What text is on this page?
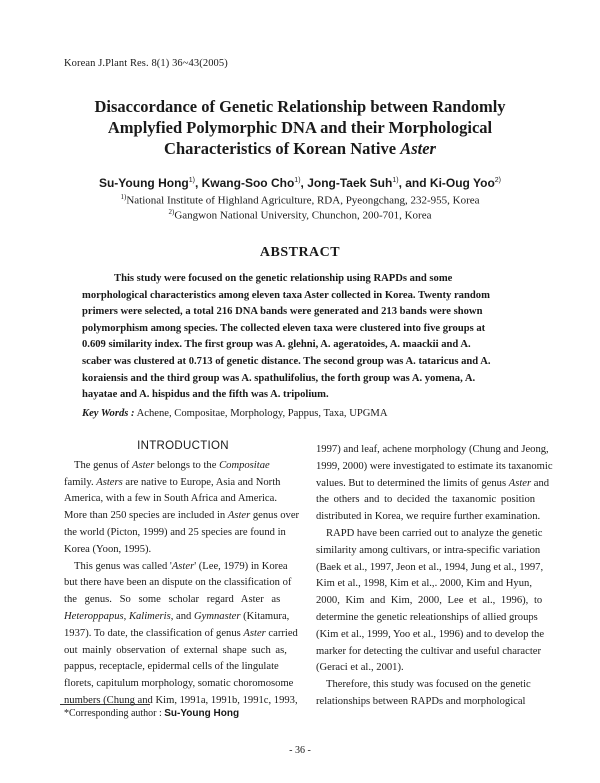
Korean J.Plant Res. 8(1) 36~43(2005)
Disaccordance of Genetic Relationship between Randomly
Amplyfied Polymorphic DNA and their Morphological
Characteristics of Korean Native Aster
Su-Young Hong$^{1)}$, Kwang-Soo Cho$^{1)}$, Jong-Taek Suh$^{1)}$, and Ki-Oug Yoo$^{2)}$
$^{1)}$National Institute of Highland Agriculture, RDA, Pyeongchang, 232-955, Korea
$^{2)}$Gangwon National University, Chunchon, 200-701, Korea
ABSTRACT
This study were focused on the genetic relationship using RAPDs and some
morphological characteristics among eleven taxa Aster collected in Korea. Twenty random
primers were selected, a total 216 DNA bands were generated and 213 bands were shown
polymorphism among species. The collected eleven taxa were clustered into five groups at
0.609 similarity index. The first group was A. glehni, A. ageratoides, A. maackii and A.
scaber was clustered at 0.713 of genetic distance. The second group was A. tataricus and A.
koraiensis and the third group was A. spathulifolius, the forth group was A. yomena, A.
hayatae and A. hispidus and the fifth was A. tripolium.
Key Words : Achene, Compositae, Morphology, Pappus, Taxa, UPGMA
INTRODUCTION
The genus of Aster belongs to the Compositae
family. Asters are native to Europe, Asia and North
America, with a few in South Africa and America.
More than 250 species are included in Aster genus over
the world (Picton, 1999) and 25 species are found in
Korea (Yoon, 1995).
This genus was called 'Aster' (Lee, 1979) in Korea
but there have been an dispute on the classification of
the genus. So some scholar regard Aster as
Heteroppapus, Kalimeris, and Gymnaster (Kitamura,
1937). To date, the classification of genus Aster carried
out mainly observation of external shape such as,
pappus, receptacle, epidermal cells of the lingulate
florets, capitulum morphology, somatic choromosome
numbers (Chung and Kim, 1991a, 1991b, 1991c, 1993,
1997) and leaf, achene morphology (Chung and Jeong,
1999, 2000) were investigated to estimate its taxanomic
values. But to determined the limits of genus Aster and
the others and to decided the taxanomic position
distributed in Korea, we require further examination.
RAPD have been carried out to analyze the genetic
similarity among cultivars, or intra-specific variation
(Baek et al., 1997, Jeon et al., 1994, Jung et al., 1997,
Kim et al., 1998, Kim et al.,. 2000, Kim and Hyun,
2000, Kim and Kim, 2000, Lee et al., 1996), to
determine the genetic releationships of allied groups
(Kim et al., 1999, Yoo et al., 1996) and to develop the
marker for detecting the cultivar and useful character
(Geraci et al., 2001).
Therefore, this study was focused on the genetic
relationships between RAPDs and morphological
*Corresponding author : Su-Young Hong
- 36 -
